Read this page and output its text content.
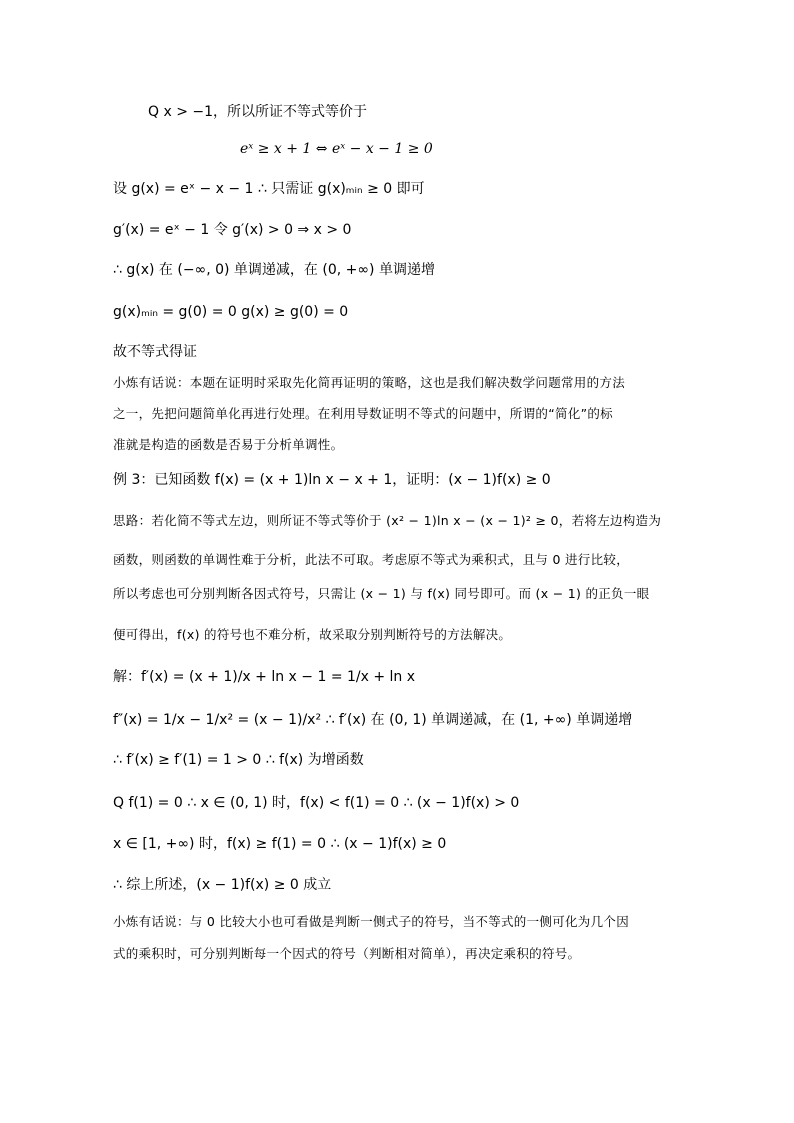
Q x > −1，所以所证不等式等价于
eˣ ≥ x + 1 ⇔ eˣ − x − 1 ≥ 0
设 g(x) = eˣ − x − 1 ∴ 只需证 g(x)ₘᵢₙ ≥ 0 即可
g′(x) = eˣ − 1 令 g′(x) > 0 ⇒ x > 0
∴ g(x) 在 (−∞, 0) 单调递减，在 (0, +∞) 单调递增
g(x)ₘᵢₙ = g(0) = 0 g(x) ≥ g(0) = 0
故不等式得证
小炼有话说：本题在证明时采取先化简再证明的策略，这也是我们解决数学问题常用的方法
之一，先把问题简单化再进行处理。在利用导数证明不等式的问题中，所谓的“简化”的标
准就是构造的函数是否易于分析单调性。
例 3：已知函数 f(x) = (x + 1)ln x − x + 1，证明：(x − 1)f(x) ≥ 0
思路：若化简不等式左边，则所证不等式等价于 (x² − 1)ln x − (x − 1)² ≥ 0，若将左边构造为
函数，则函数的单调性难于分析，此法不可取。考虑原不等式为乘积式，且与 0 进行比较，
所以考虑也可分别判断各因式符号，只需让 (x − 1) 与 f(x) 同号即可。而 (x − 1) 的正负一眼
便可得出，f(x) 的符号也不难分析，故采取分别判断符号的方法解决。
解：f′(x) = (x + 1)/x + ln x − 1 = 1/x + ln x
f″(x) = 1/x − 1/x² = (x − 1)/x² ∴ f′(x) 在 (0, 1) 单调递减，在 (1, +∞) 单调递增
∴ f′(x) ≥ f′(1) = 1 > 0 ∴ f(x) 为增函数
Q f(1) = 0 ∴ x ∈ (0, 1) 时，f(x) < f(1) = 0 ∴ (x − 1)f(x) > 0
x ∈ [1, +∞) 时，f(x) ≥ f(1) = 0 ∴ (x − 1)f(x) ≥ 0
∴ 综上所述，(x − 1)f(x) ≥ 0 成立
小炼有话说：与 0 比较大小也可看做是判断一侧式子的符号，当不等式的一侧可化为几个因
式的乘积时，可分别判断每一个因式的符号（判断相对简单），再决定乘积的符号。
